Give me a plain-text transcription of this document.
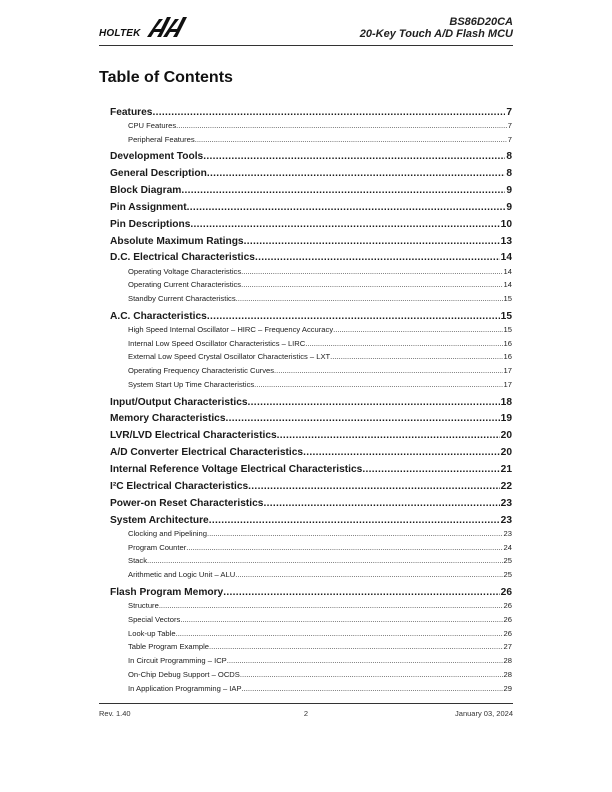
HOLTEK
BS86D20CA
20-Key Touch A/D Flash MCU
Table of Contents
Features .....	7
CPU Features .....	7
Peripheral Features .....	7
Development Tools .....	8
General Description .....	8
Block Diagram .....	9
Pin Assignment .....	9
Pin Descriptions .....	10
Absolute Maximum Ratings .....	13
D.C. Electrical Characteristics .....	14
Operating Voltage Characteristics .....	14
Operating Current Characteristics .....	14
Standby Current Characteristics .....	15
A.C. Characteristics .....	15
High Speed Internal Oscillator – HIRC – Frequency Accuracy .....	15
Internal Low Speed Oscillator Characteristics – LIRC .....	16
External Low Speed Crystal Oscillator Characteristics – LXT .....	16
Operating Frequency Characteristic Curves .....	17
System Start Up Time Characteristics .....	17
Input/Output Characteristics .....	18
Memory Characteristics .....	19
LVR/LVD Electrical Characteristics .....	20
A/D Converter Electrical Characteristics .....	20
Internal Reference Voltage Electrical Characteristics .....	21
I²C Electrical Characteristics .....	22
Power-on Reset Characteristics .....	23
System Architecture .....	23
Clocking and Pipelining .....	23
Program Counter .....	24
Stack .....	25
Arithmetic and Logic Unit – ALU .....	25
Flash Program Memory .....	26
Structure .....	26
Special Vectors .....	26
Look-up Table .....	26
Table Program Example .....	27
In Circuit Programming – ICP .....	28
On-Chip Debug Support – OCDS .....	28
In Application Programming – IAP .....	29
Rev. 1.40	2	January 03, 2024
